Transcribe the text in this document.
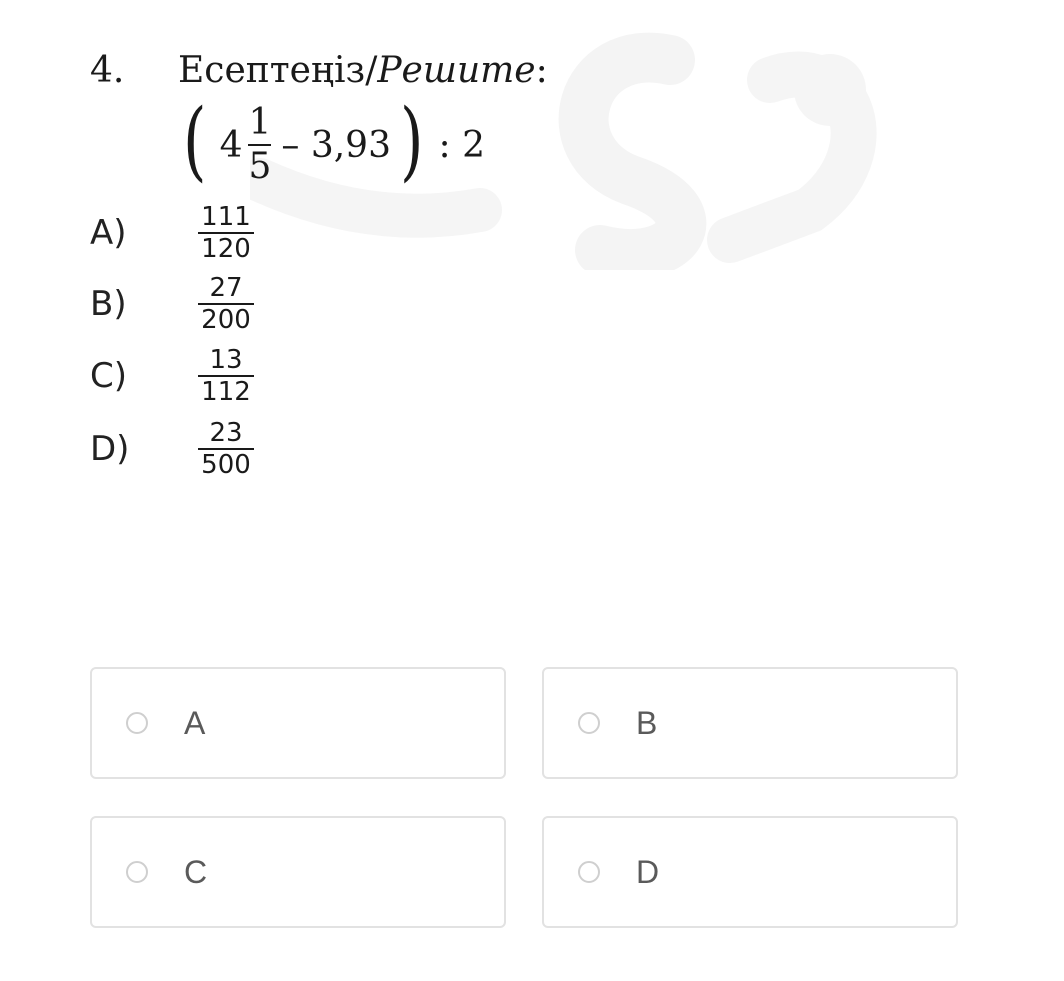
4. Есептеңіз/Решите:
( $4 \frac{1}{5} - 3,93$ ) : 2
A)	$\frac{111}{120}$
B)	$\frac{27}{200}$
C)	$\frac{13}{112}$
D)	$\frac{23}{500}$
A	B
C	D
